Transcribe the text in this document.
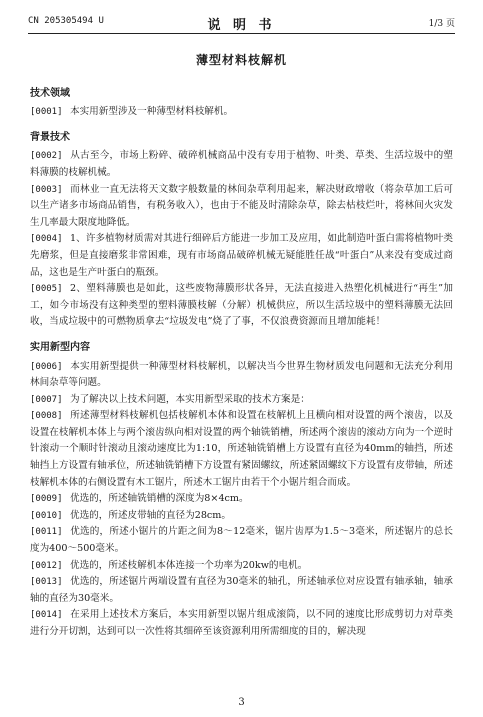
CN 205305494 U	说 明 书	1/3 页
薄型材料枝解机
技术领域
[0001] 本实用新型涉及一种薄型材料枝解机。
背景技术
[0002] 从古至今，市场上粉碎、破碎机械商品中没有专用于植物、叶类、草类、生活垃圾中的塑料薄膜的枝解机械。
[0003] 而林业一直无法将天文数字般数量的林间杂草利用起来，解决财政增收（将杂草加工后可以生产诸多市场商品销售，有税务收入），也由于不能及时清除杂草，除去枯枝烂叶，将林间火灾发生几率最大限度地降低。
[0004] 1、许多植物材质需对其进行细碎后方能进一步加工及应用，如此制造叶蛋白需将植物叶类先磨浆，但是直接磨浆非常困难，现有市场商品破碎机械无疑能胜任战“叶蛋白”从来没有变成过商品，这也是生产叶蛋白的瓶颈。
[0005] 2、塑料薄膜也是如此，这些废物薄膜形状各异，无法直接进入热塑化机械进行“再生”加工，如今市场没有这种类型的塑料薄膜枝解（分解）机械供应，所以生活垃圾中的塑料薄膜无法回收，当成垃圾中的可燃物质拿去“垃圾发电”烧了了事，不仅浪费资源而且增加能耗！
实用新型内容
[0006] 本实用新型提供一种薄型材料枝解机，以解决当今世界生物材质发电问题和无法充分利用林间杂草等问题。
[0007] 为了解决以上技术问题，本实用新型采取的技术方案是：
[0008] 所述薄型材料枝解机包括枝解机本体和设置在枝解机上且横向相对设置的两个滚齿，以及设置在枝解机本体上与两个滚齿纵向相对设置的两个轴铣销槽，所述两个滚齿的滚动方向为一个逆时针滚动一个顺时针滚动且滚动速度比为1:10，所述轴铣销槽上方设置有直径为40mm的轴挡，所述轴挡上方设置有轴承位，所述轴铣销槽下方设置有紧固螺纹，所述紧固螺纹下方设置有皮带轴，所述枝解机本体的右侧设置有木工锯片，所述木工锯片由若干个小锯片组合而成。
[0009] 优选的，所述轴铣销槽的深度为8×4cm。
[0010] 优选的，所述皮带轴的直径为28cm。
[0011] 优选的，所述小锯片的片距之间为8～12毫米，锯片齿厚为1.5～3毫米，所述锯片的总长度为400～500毫米。
[0012] 优选的，所述枝解机本体连接一个功率为20kw的电机。
[0013] 优选的，所述锯片两端设置有直径为30毫米的轴孔，所述轴承位对应设置有轴承轴，轴承轴的直径为30毫米。
[0014] 在采用上述技术方案后，本实用新型以锯片组成滚筒，以不同的速度比形成剪切力对草类进行分开切割，达到可以一次性将其细碎至该资源利用所需细度的目的，解决现
3
